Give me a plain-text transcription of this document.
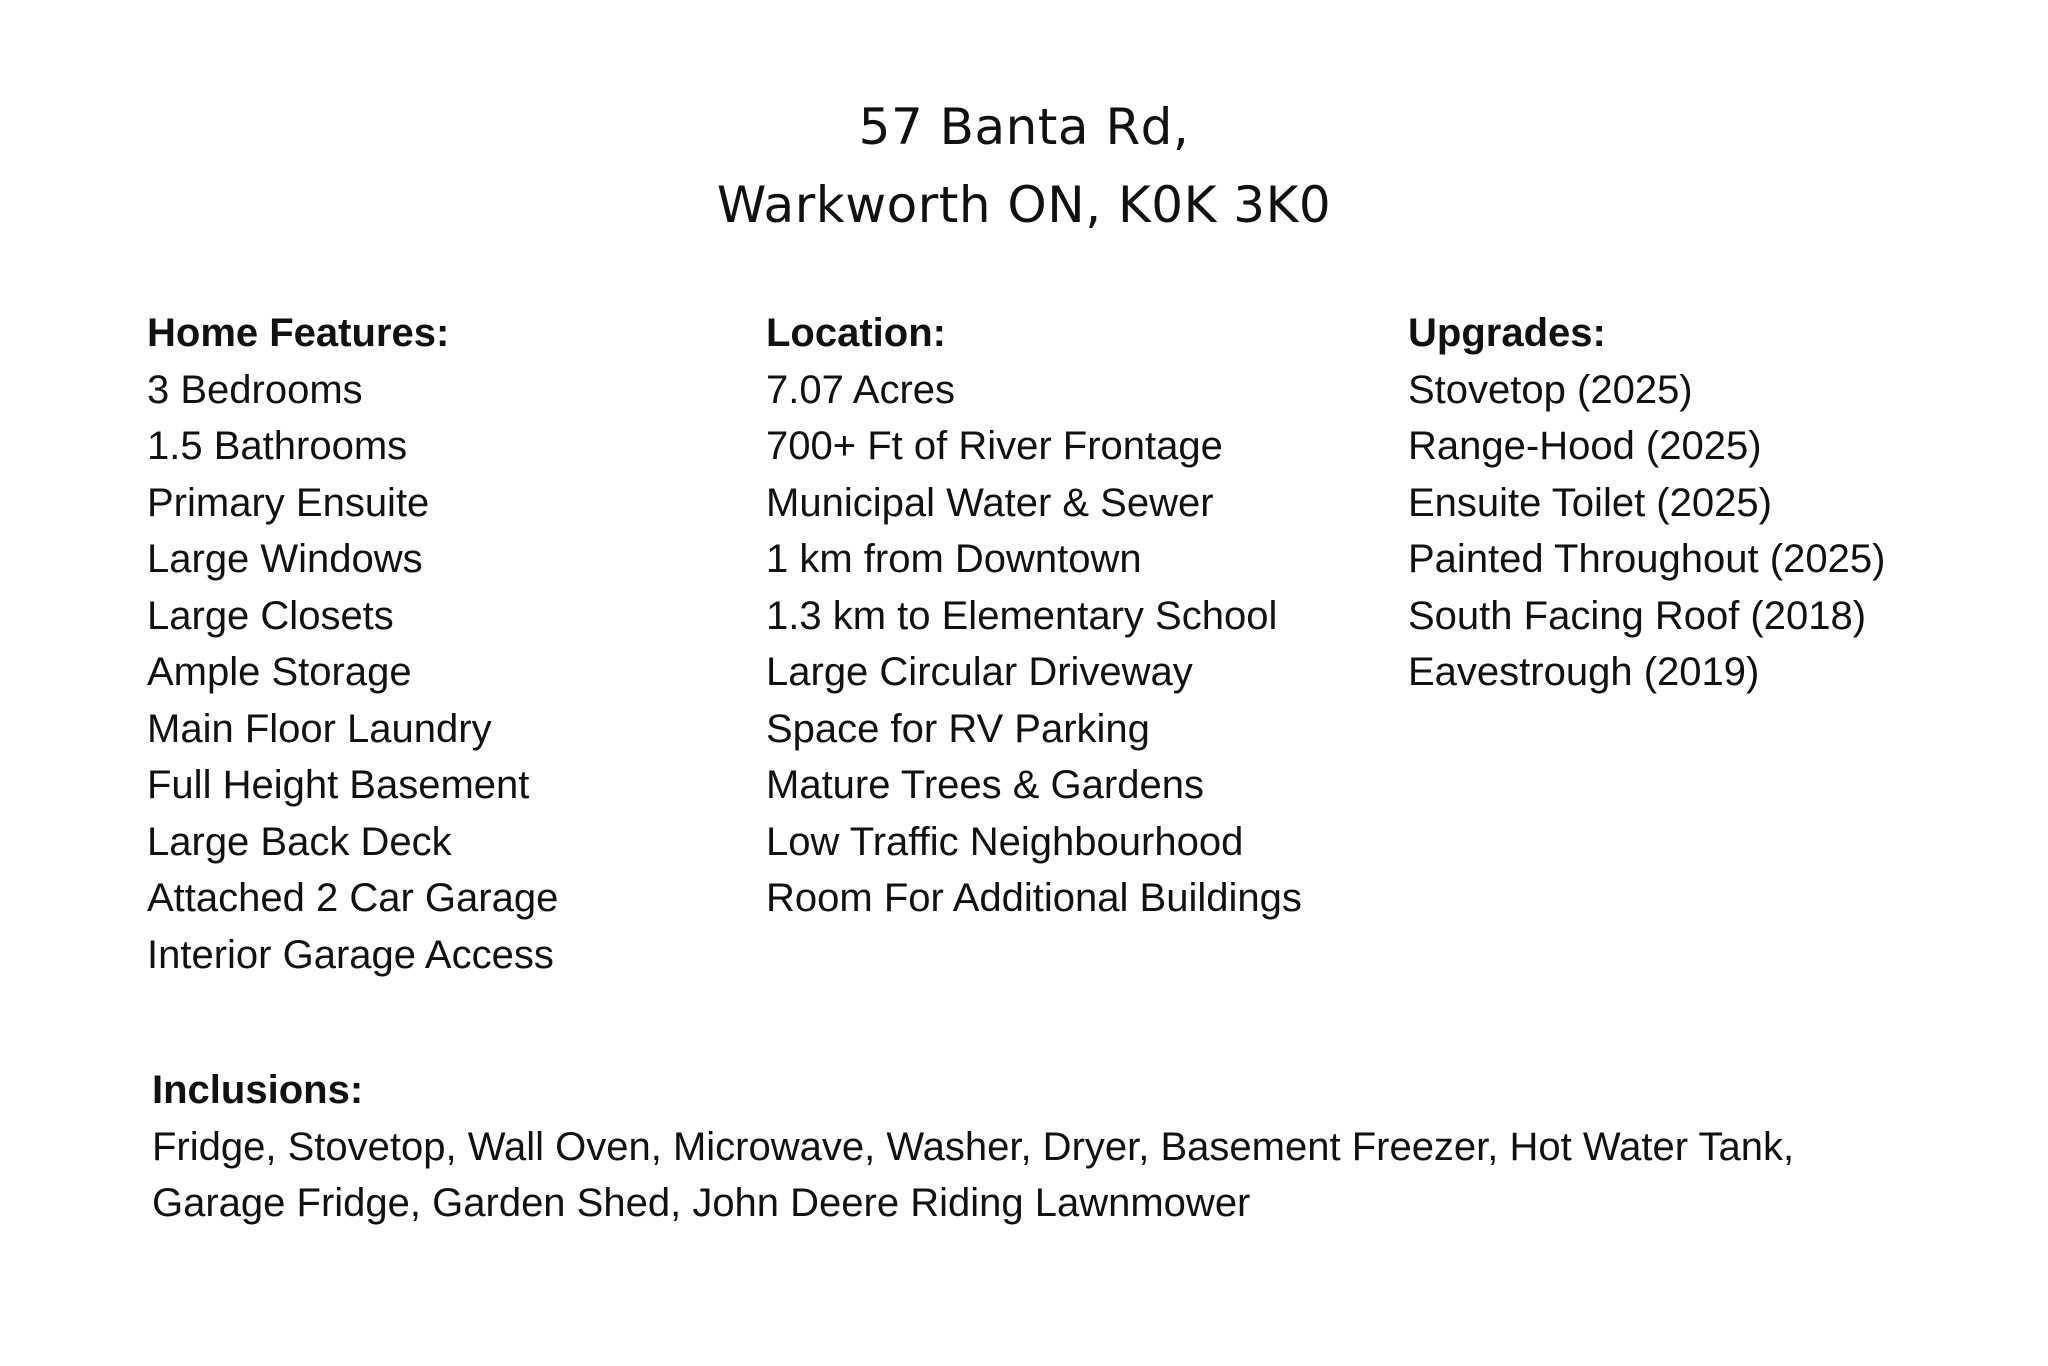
57 Banta Rd,
Warkworth ON, K0K 3K0
Home Features:
3 Bedrooms
1.5 Bathrooms
Primary Ensuite
Large Windows
Large Closets
Ample Storage
Main Floor Laundry
Full Height Basement
Large Back Deck
Attached 2 Car Garage
Interior Garage Access
Location:
7.07 Acres
700+ Ft of River Frontage
Municipal Water & Sewer
1 km from Downtown
1.3 km to Elementary School
Large Circular Driveway
Space for RV Parking
Mature Trees & Gardens
Low Traffic Neighbourhood
Room For Additional Buildings
Upgrades:
Stovetop (2025)
Range-Hood (2025)
Ensuite Toilet (2025)
Painted Throughout (2025)
South Facing Roof (2018)
Eavestrough (2019)
Inclusions:
Fridge, Stovetop, Wall Oven, Microwave, Washer, Dryer, Basement Freezer, Hot Water Tank,
Garage Fridge, Garden Shed, John Deere Riding Lawnmower
